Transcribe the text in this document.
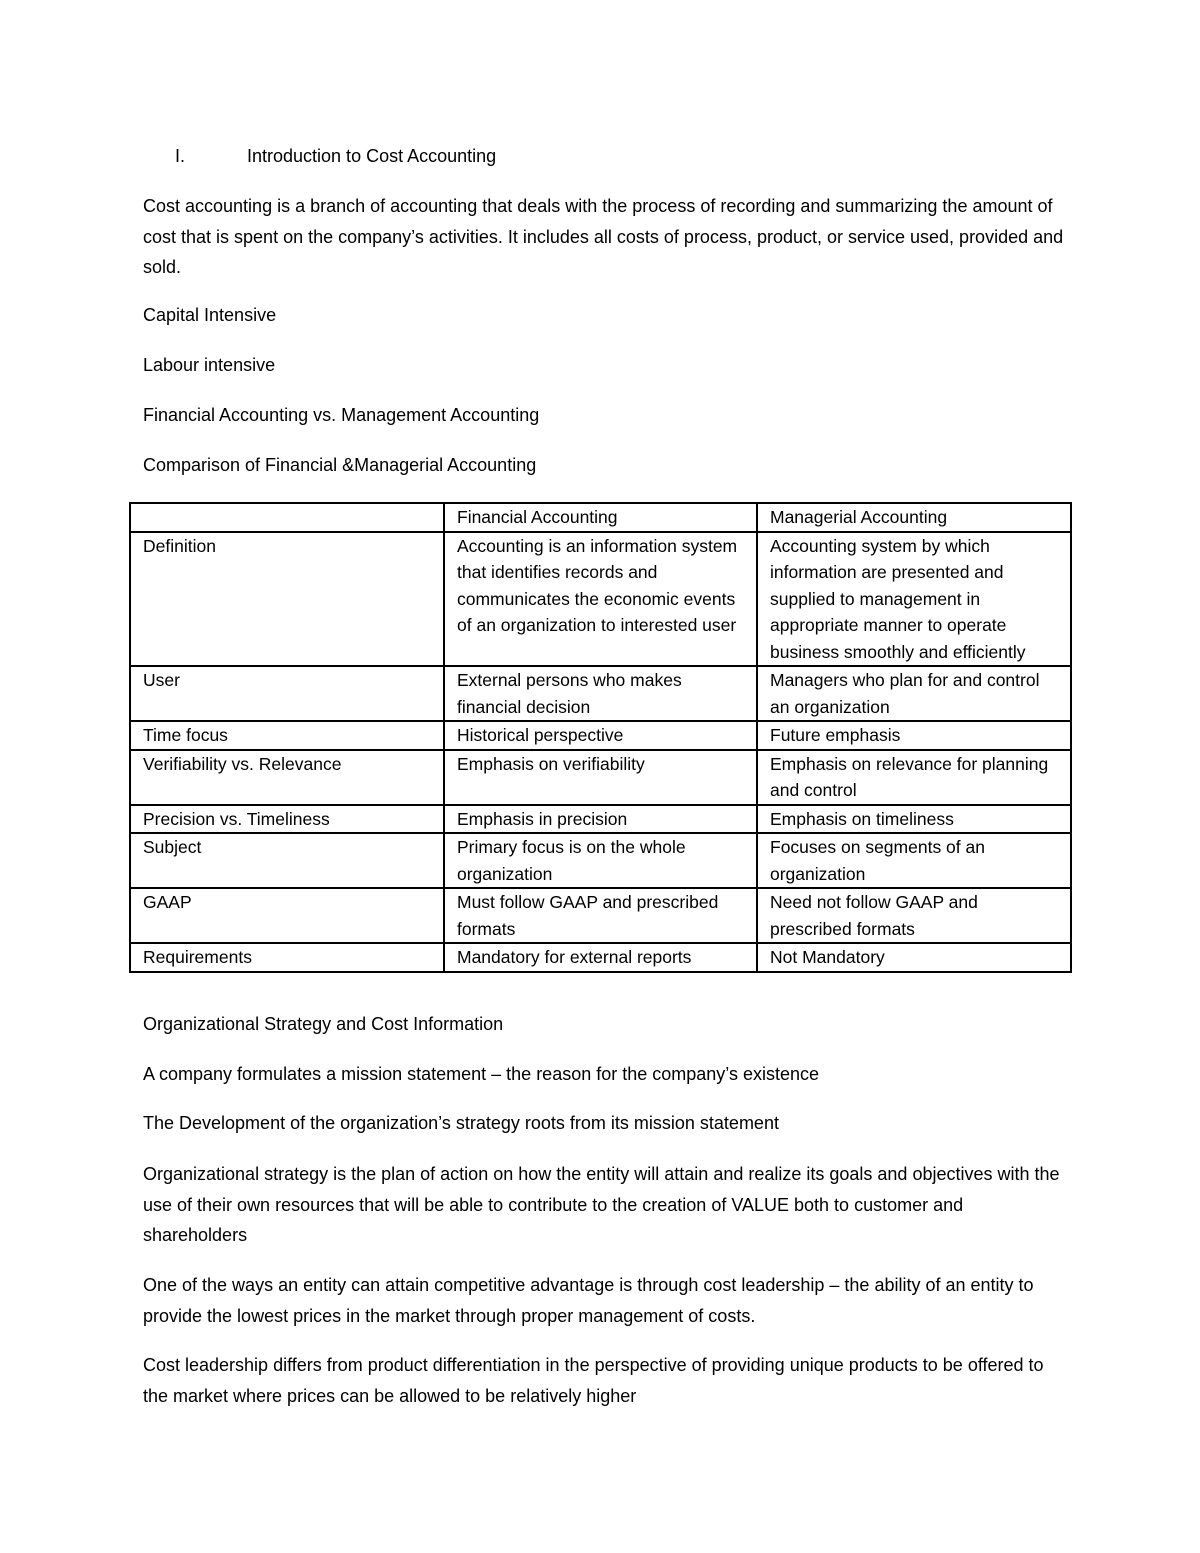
I.	Introduction to Cost Accounting

Cost accounting is a branch of accounting that deals with the process of recording and summarizing the amount of cost that is spent on the company’s activities. It includes all costs of process, product, or service used, provided and sold.

Capital Intensive

Labour intensive

Financial Accounting vs. Management Accounting

Comparison of Financial &Managerial Accounting

	Financial Accounting	Managerial Accounting
Definition	Accounting is an information system that identifies records and communicates the economic events of an organization to interested user	Accounting system by which information are presented and supplied to management in appropriate manner to operate business smoothly and efficiently
User	External persons who makes financial decision	Managers who plan for and control an organization
Time focus	Historical perspective	Future emphasis
Verifiability vs. Relevance	Emphasis on verifiability	Emphasis on relevance for planning and control
Precision vs. Timeliness	Emphasis in precision	Emphasis on timeliness
Subject	Primary focus is on the whole organization	Focuses on segments of an organization
GAAP	Must follow GAAP and prescribed formats	Need not follow GAAP and prescribed formats
Requirements	Mandatory for external reports	Not Mandatory

Organizational Strategy and Cost Information

A company formulates a mission statement – the reason for the company’s existence

The Development of the organization’s strategy roots from its mission statement

Organizational strategy is the plan of action on how the entity will attain and realize its goals and objectives with the use of their own resources that will be able to contribute to the creation of VALUE both to customer and shareholders

One of the ways an entity can attain competitive advantage is through cost leadership – the ability of an entity to provide the lowest prices in the market through proper management of costs.

Cost leadership differs from product differentiation in the perspective of providing unique products to be offered to the market where prices can be allowed to be relatively higher
